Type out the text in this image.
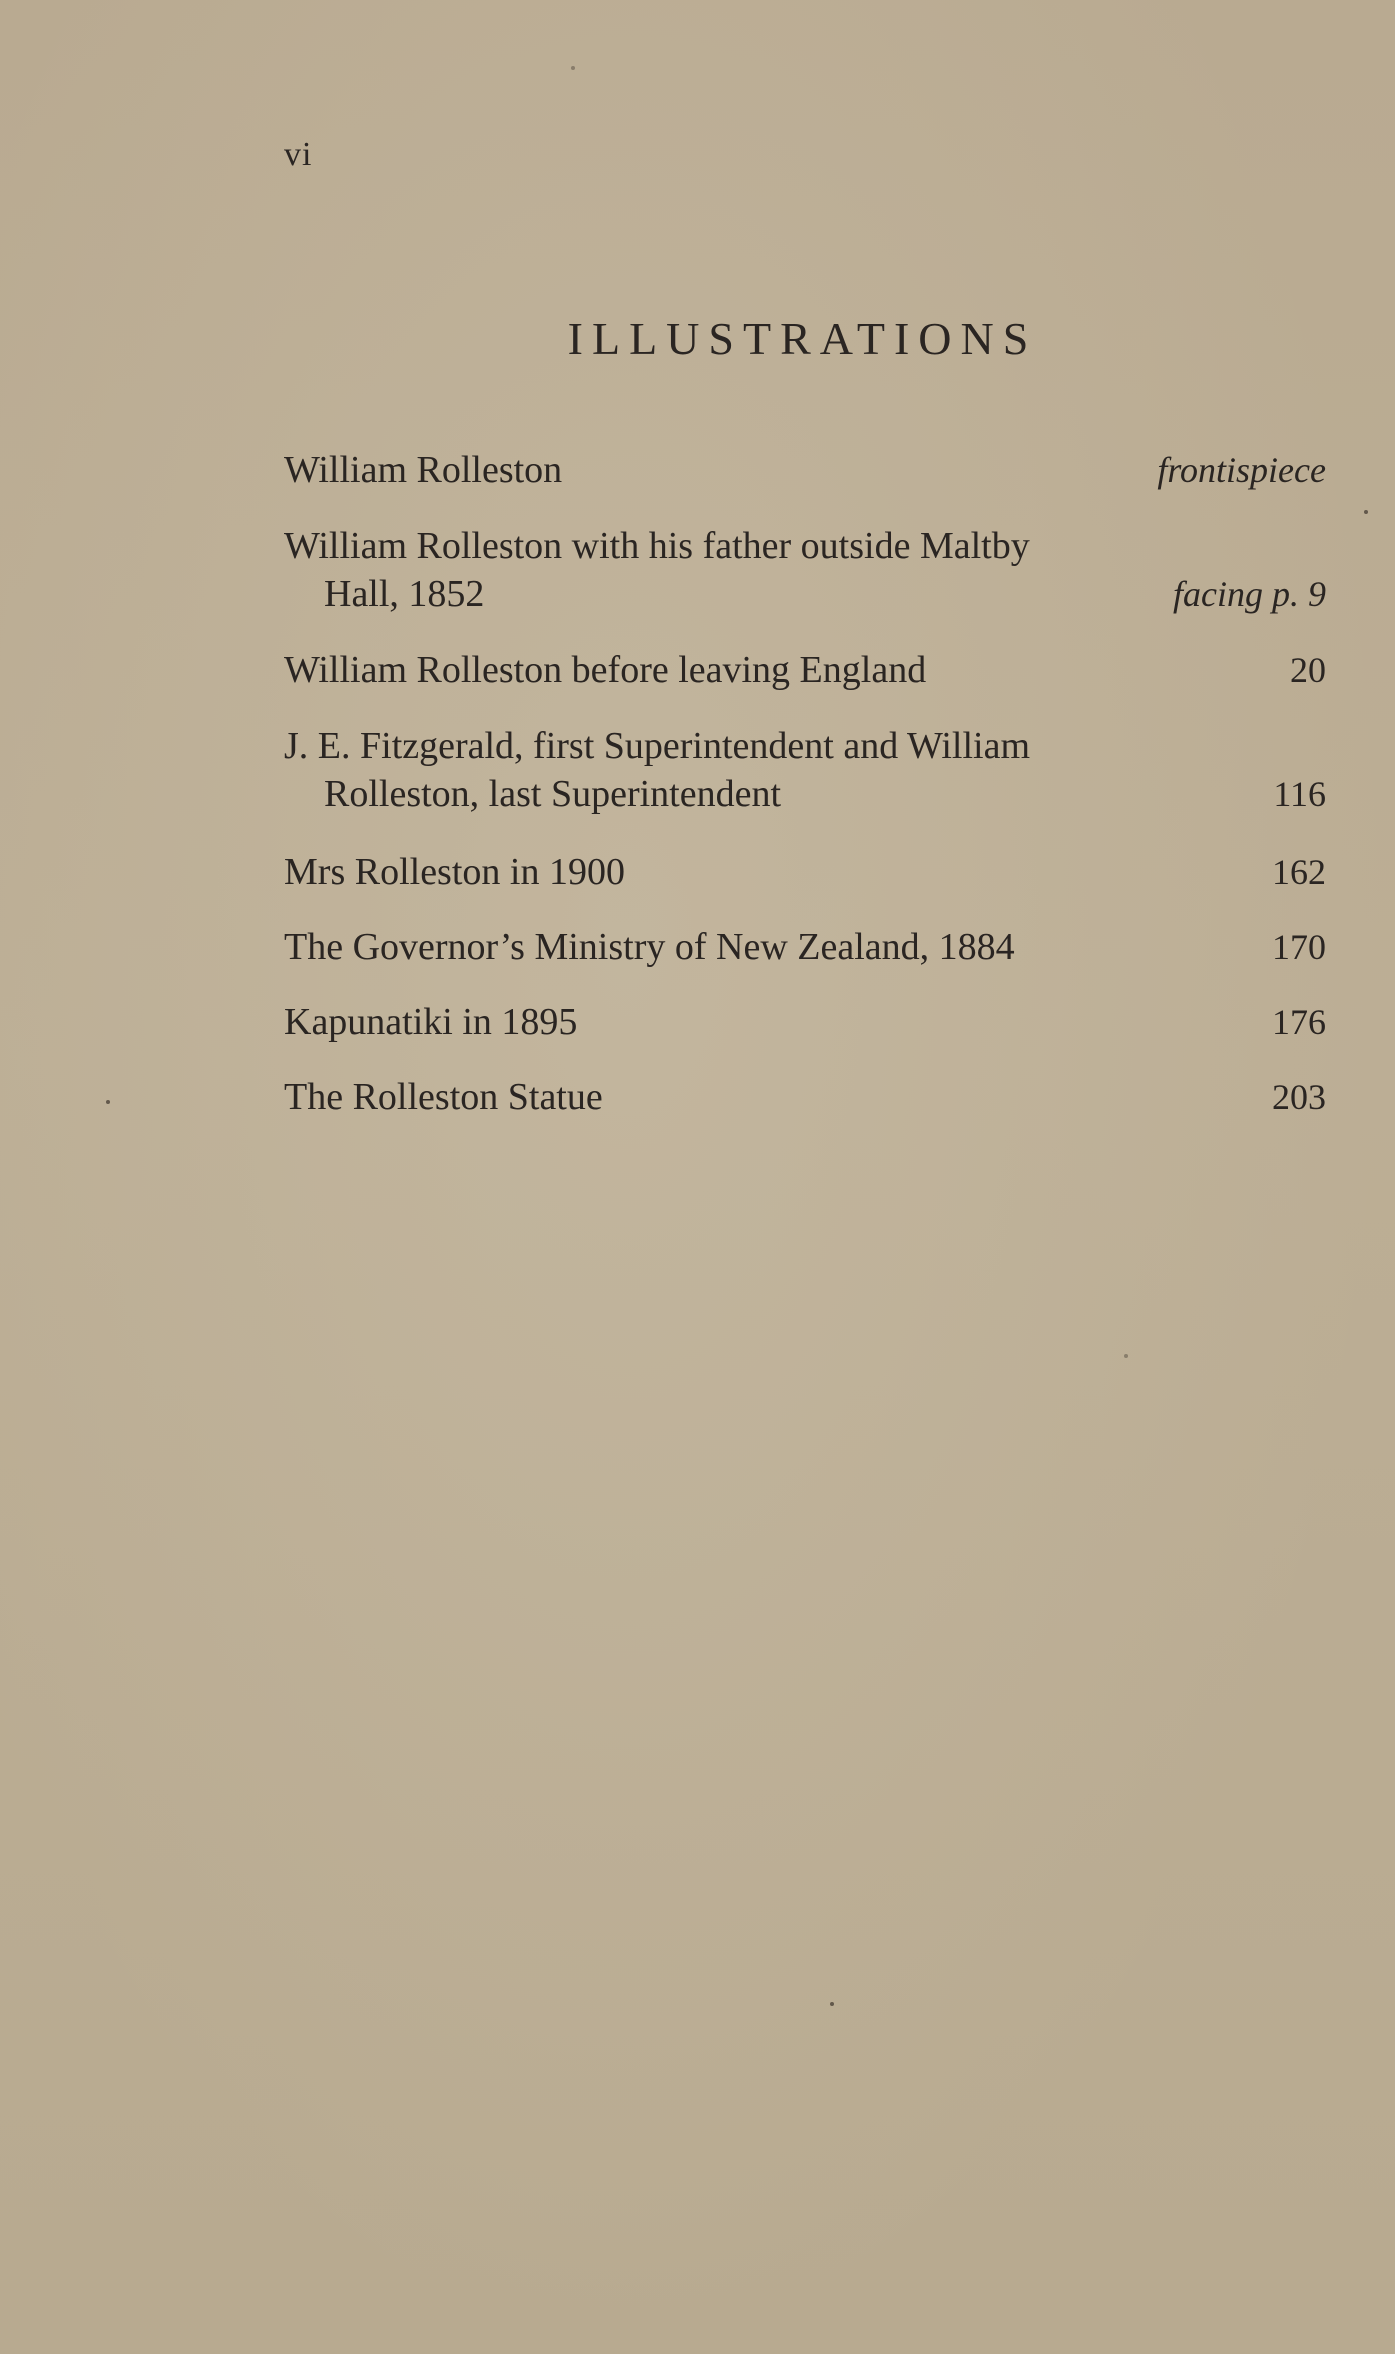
vi
ILLUSTRATIONS
William Rolleston	frontispiece
William Rolleston with his father outside Maltby
Hall, 1852	facing p. 9
William Rolleston before leaving England	20
J. E. Fitzgerald, first Superintendent and William
Rolleston, last Superintendent	116
Mrs Rolleston in 1900	162
The Governor’s Ministry of New Zealand, 1884	170
Kapunatiki in 1895	176
The Rolleston Statue	203
